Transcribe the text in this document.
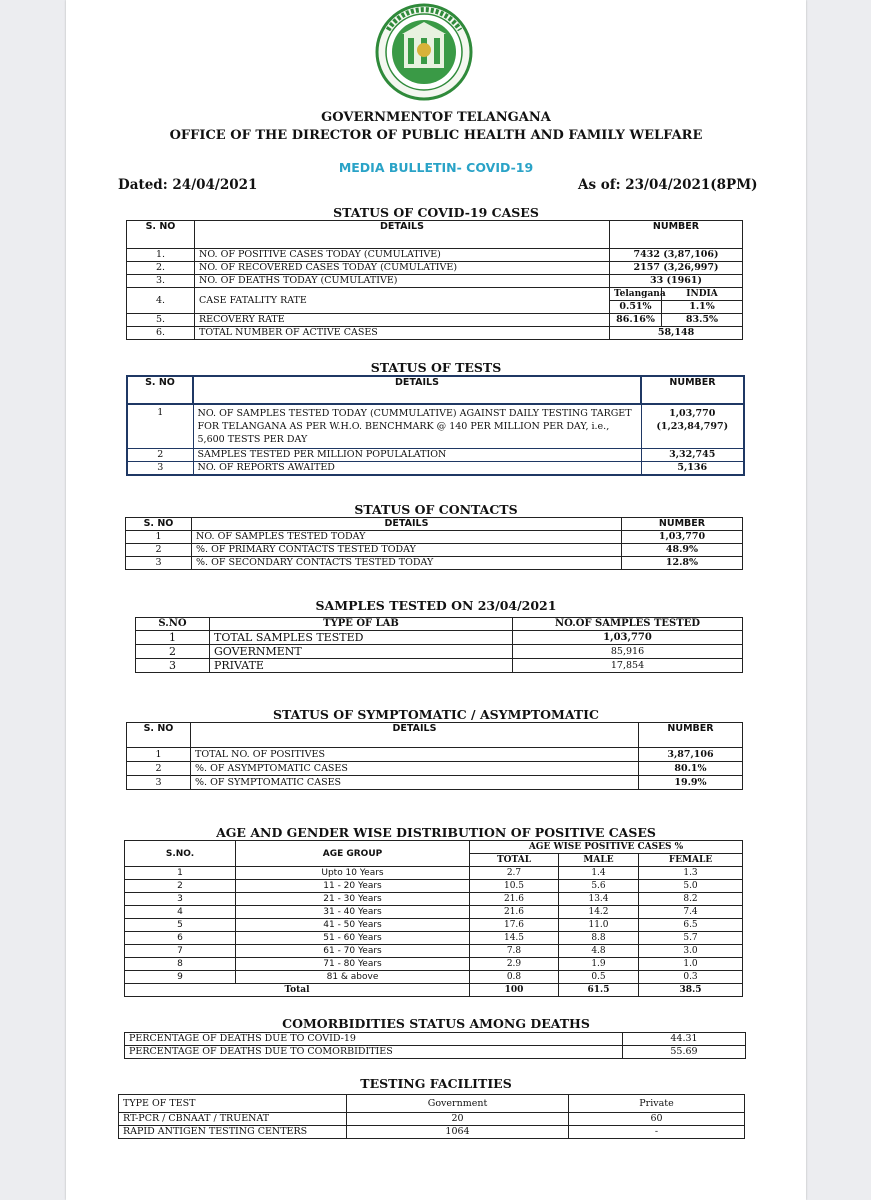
GOVERNMENTOF TELANGANA
OFFICE OF THE DIRECTOR OF PUBLIC HEALTH AND FAMILY WELFARE
MEDIA BULLETIN- COVID-19
Dated: 24/04/2021	As of: 23/04/2021(8PM)
STATUS OF COVID-19 CASES
S. NO	DETAILS	NUMBER	
1.	NO. OF POSITIVE CASES TODAY (CUMULATIVE)	7432 (3,87,106)	
2.	NO. OF RECOVERED CASES TODAY (CUMULATIVE)	2157 (3,26,997)	
3.	NO. OF DEATHS TODAY (CUMULATIVE)	33 (1961)	
4.	CASE FATALITY RATE	Telangana	INDIA
		0.51%	1.1%
5.	RECOVERY RATE	86.16%	83.5%
6.	TOTAL NUMBER OF ACTIVE CASES	58,148	
STATUS OF TESTS
S. NO	DETAILS	NUMBER
1	NO. OF SAMPLES TESTED TODAY (CUMMULATIVE) AGAINST DAILY TESTING TARGET FOR TELANGANA AS PER W.H.O. BENCHMARK @ 140 PER MILLION PER DAY, i.e., 5,600 TESTS PER DAY	1,03,770
(1,23,84,797)

2	SAMPLES TESTED PER MILLION POPULALATION	3,32,745
3	NO. OF REPORTS AWAITED	5,136
STATUS OF CONTACTS
S. NO	DETAILS	NUMBER
1	NO. OF SAMPLES TESTED TODAY	1,03,770
2	%. OF PRIMARY CONTACTS TESTED TODAY	48.9%
3	%. OF SECONDARY CONTACTS TESTED TODAY	12.8%
SAMPLES TESTED ON 23/04/2021
S.NO	TYPE OF LAB	NO.OF SAMPLES TESTED
1	TOTAL SAMPLES TESTED	1,03,770
2	GOVERNMENT	85,916
3	PRIVATE	17,854
STATUS OF SYMPTOMATIC / ASYMPTOMATIC
S. NO	DETAILS	NUMBER
1	TOTAL NO. OF POSITIVES	3,87,106
2	%. OF ASYMPTOMATIC CASES	80.1%
3	%. OF SYMPTOMATIC CASES	19.9%
AGE AND GENDER WISE DISTRIBUTION OF POSITIVE CASES
S.NO.	AGE GROUP	AGE WISE POSITIVE CASES %		
		TOTAL	MALE	FEMALE
1	Upto 10 Years	2.7	1.4	1.3
2	11 - 20 Years	10.5	5.6	5.0
3	21 - 30 Years	21.6	13.4	8.2
4	31 - 40 Years	21.6	14.2	7.4
5	41 - 50 Years	17.6	11.0	6.5
6	51 - 60 Years	14.5	8.8	5.7
7	61 - 70 Years	7.8	4.8	3.0
8	71 - 80 Years	2.9	1.9	1.0
9	81 & above	0.8	0.5	0.3
Total		100	61.5	38.5
COMORBIDITIES STATUS AMONG DEATHS
PERCENTAGE OF DEATHS DUE TO COVID-19	44.31
PERCENTAGE OF DEATHS DUE TO COMORBIDITIES	55.69
TESTING FACILITIES
TYPE OF TEST	Government	Private
RT-PCR / CBNAAT / TRUENAT	20	60
RAPID ANTIGEN TESTING CENTERS	1064	-
